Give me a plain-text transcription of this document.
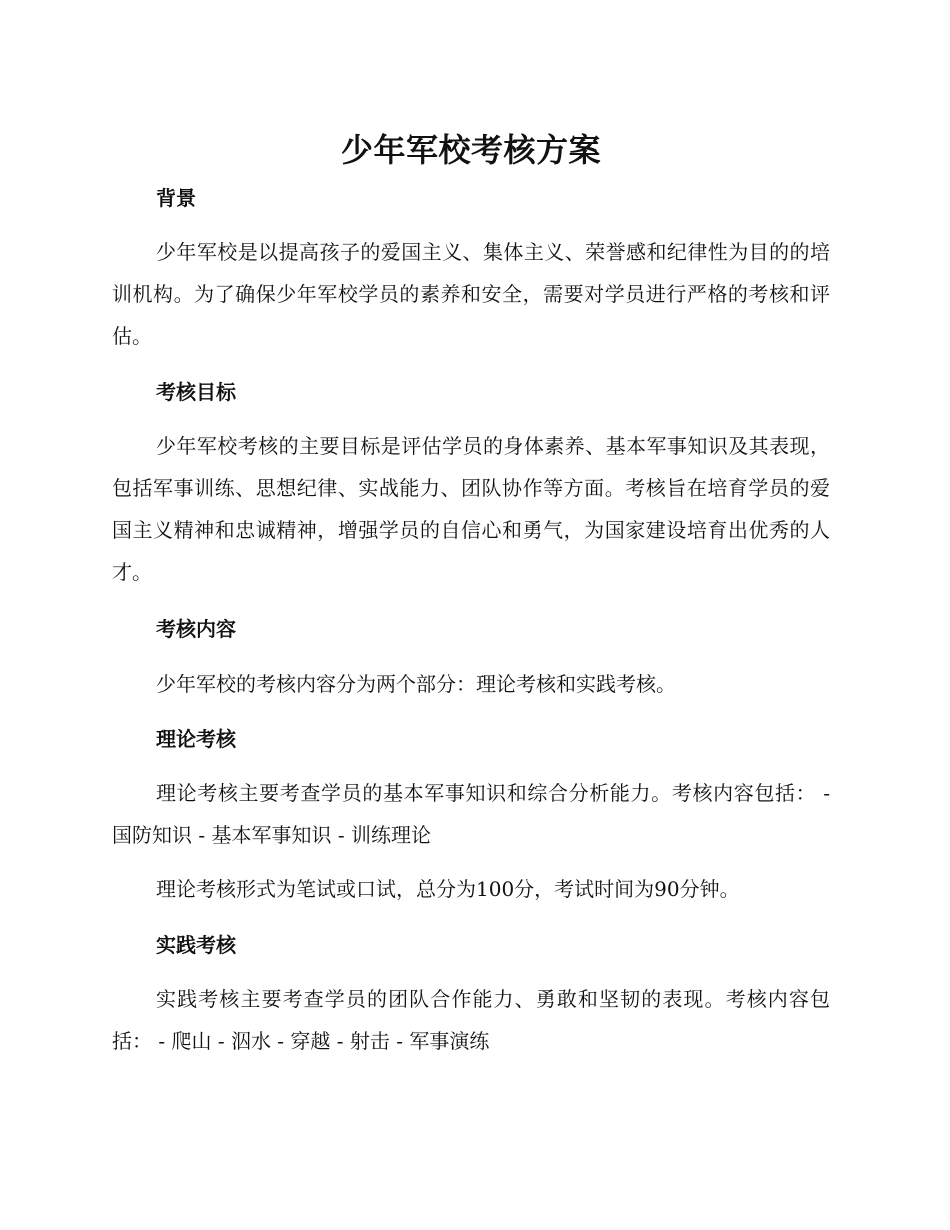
少年军校考核方案
背景

少年军校是以提高孩子的爱国主义、集体主义、荣誉感和纪律性为目的的培训机构。为了确保少年军校学员的素养和安全，需要对学员进行严格的考核和评估。

考核目标

少年军校考核的主要目标是评估学员的身体素养、基本军事知识及其表现，包括军事训练、思想纪律、实战能力、团队协作等方面。考核旨在培育学员的爱国主义精神和忠诚精神，增强学员的自信心和勇气，为国家建设培育出优秀的人才。

考核内容

少年军校的考核内容分为两个部分：理论考核和实践考核。

理论考核

理论考核主要考查学员的基本军事知识和综合分析能力。考核内容包括： - 国防知识 - 基本军事知识 - 训练理论

理论考核形式为笔试或口试，总分为100分，考试时间为90分钟。

实践考核

实践考核主要考查学员的团队合作能力、勇敢和坚韧的表现。考核内容包括： - 爬山 - 泅水 - 穿越 - 射击 - 军事演练
